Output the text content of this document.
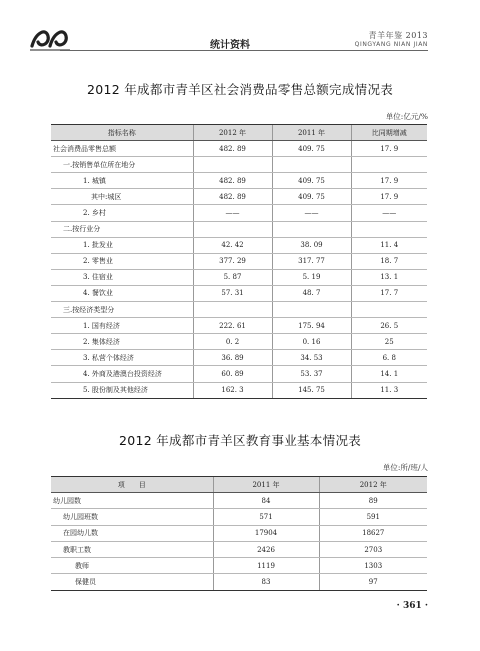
统计资料
青羊年鉴 2013
QINGYANG NIAN JIAN
2012 年成都市青羊区社会消费品零售总额完成情况表
单位:亿元/%
指标名称	2012 年	2011 年	比同期增减
社会消费品零售总额	482. 89	409. 75	17. 9
一.按销售单位所在地分			
1. 城镇	482. 89	409. 75	17. 9
其中:城区	482. 89	409. 75	17. 9
2. 乡村	——	——	——
二.按行业分			
1. 批发业	42. 42	38. 09	11. 4
2. 零售业	377. 29	317. 77	18. 7
3. 住宿业	5. 87	5. 19	13. 1
4. 餐饮业	57. 31	48. 7	17. 7
三.按经济类型分			
1. 国有经济	222. 61	175. 94	26. 5
2. 集体经济	0. 2	0. 16	25
3. 私营个体经济	36. 89	34. 53	6. 8
4. 外商及港澳台投资经济	60. 89	53. 37	14. 1
5. 股份制及其他经济	162. 3	145. 75	11. 3
2012 年成都市青羊区教育事业基本情况表
单位:所/班/人
项　　目	2011 年	2012 年
幼儿园数	84	89
幼儿园班数	571	591
在园幼儿数	17904	18627
教职工数	2426	2703
教师	1119	1303
保健员	83	97
· 361 ·
